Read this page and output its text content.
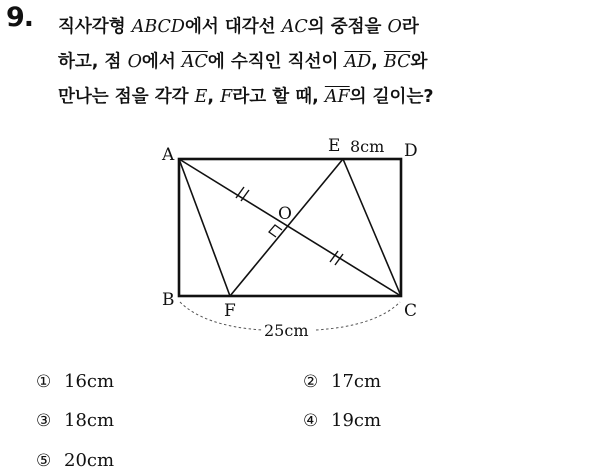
9. 직사각형 ABCD에서 대각선 AC의 중점을 O라
하고, 점 O에서 $\overline{AC}$에 수직인 직선이 $\overline{AD}$, $\overline{BC}$와
만나는 점을 각각 E, F라고 할 때, $\overline{AF}$의 길이는?
A
B
C
D
E
F
O
8cm
25cm
① 16cm	② 17cm
③ 18cm	④ 19cm
⑤ 20cm
